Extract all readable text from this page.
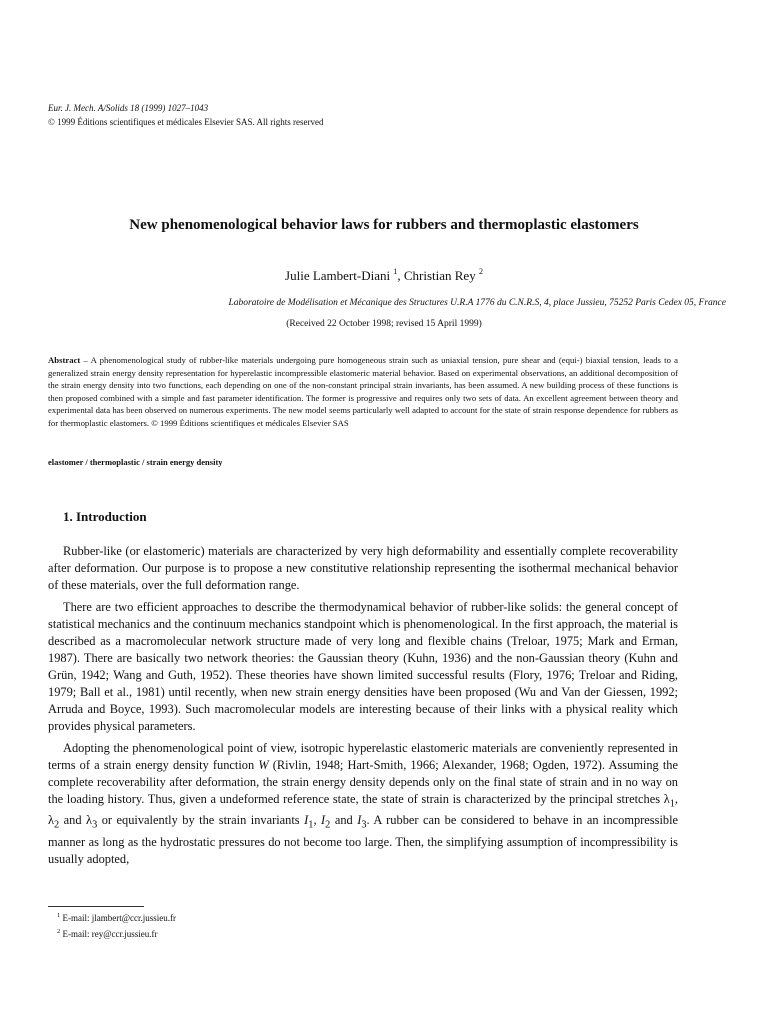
Eur. J. Mech. A/Solids 18 (1999) 1027–1043
© 1999 Éditions scientifiques et médicales Elsevier SAS. All rights reserved
New phenomenological behavior laws for rubbers and thermoplastic elastomers
Julie Lambert-Diani $^1$, Christian Rey $^2$
Laboratoire de Modélisation et Mécanique des Structures U.R.A 1776 du C.N.R.S, 4, place Jussieu, 75252 Paris Cedex 05, France
(Received 22 October 1998; revised 15 April 1999)
Abstract – A phenomenological study of rubber-like materials undergoing pure homogeneous strain such as uniaxial tension, pure shear and (equi-) biaxial tension, leads to a generalized strain energy density representation for hyperelastic incompressible elastomeric material behavior. Based on experimental observations, an additional decomposition of the strain energy density into two functions, each depending on one of the non-constant principal strain invariants, has been assumed. A new building process of these functions is then proposed combined with a simple and fast parameter identification. The former is progressive and requires only two sets of data. An excellent agreement between theory and experimental data has been observed on numerous experiments. The new model seems particularly well adapted to account for the state of strain response dependence for rubbers as for thermoplastic elastomers. © 1999 Éditions scientifiques et médicales Elsevier SAS
elastomer / thermoplastic / strain energy density
1. Introduction

Rubber-like (or elastomeric) materials are characterized by very high deformability and essentially complete recoverability after deformation. Our purpose is to propose a new constitutive relationship representing the isothermal mechanical behavior of these materials, over the full deformation range.

There are two efficient approaches to describe the thermodynamical behavior of rubber-like solids: the general concept of statistical mechanics and the continuum mechanics standpoint which is phenomenological. In the first approach, the material is described as a macromolecular network structure made of very long and flexible chains (Treloar, 1975; Mark and Erman, 1987). There are basically two network theories: the Gaussian theory (Kuhn, 1936) and the non-Gaussian theory (Kuhn and Grün, 1942; Wang and Guth, 1952). These theories have shown limited successful results (Flory, 1976; Treloar and Riding, 1979; Ball et al., 1981) until recently, when new strain energy densities have been proposed (Wu and Van der Giessen, 1992; Arruda and Boyce, 1993). Such macromolecular models are interesting because of their links with a physical reality which provides physical parameters.

Adopting the phenomenological point of view, isotropic hyperelastic elastomeric materials are conveniently represented in terms of a strain energy density function W (Rivlin, 1948; Hart-Smith, 1966; Alexander, 1968; Ogden, 1972). Assuming the complete recoverability after deformation, the strain energy density depends only on the final state of strain and in no way on the loading history. Thus, given a undeformed reference state, the state of strain is characterized by the principal stretches $\lambda_1$, $\lambda_2$ and $\lambda_3$ or equivalently by the strain invariants $I_1$, $I_2$ and $I_3$. A rubber can be considered to behave in an incompressible manner as long as the hydrostatic pressures do not become too large. Then, the simplifying assumption of incompressibility is usually adopted,

$^1$ E-mail: jlambert@ccr.jussieu.fr
$^2$ E-mail: rey@ccr.jussieu.fr
